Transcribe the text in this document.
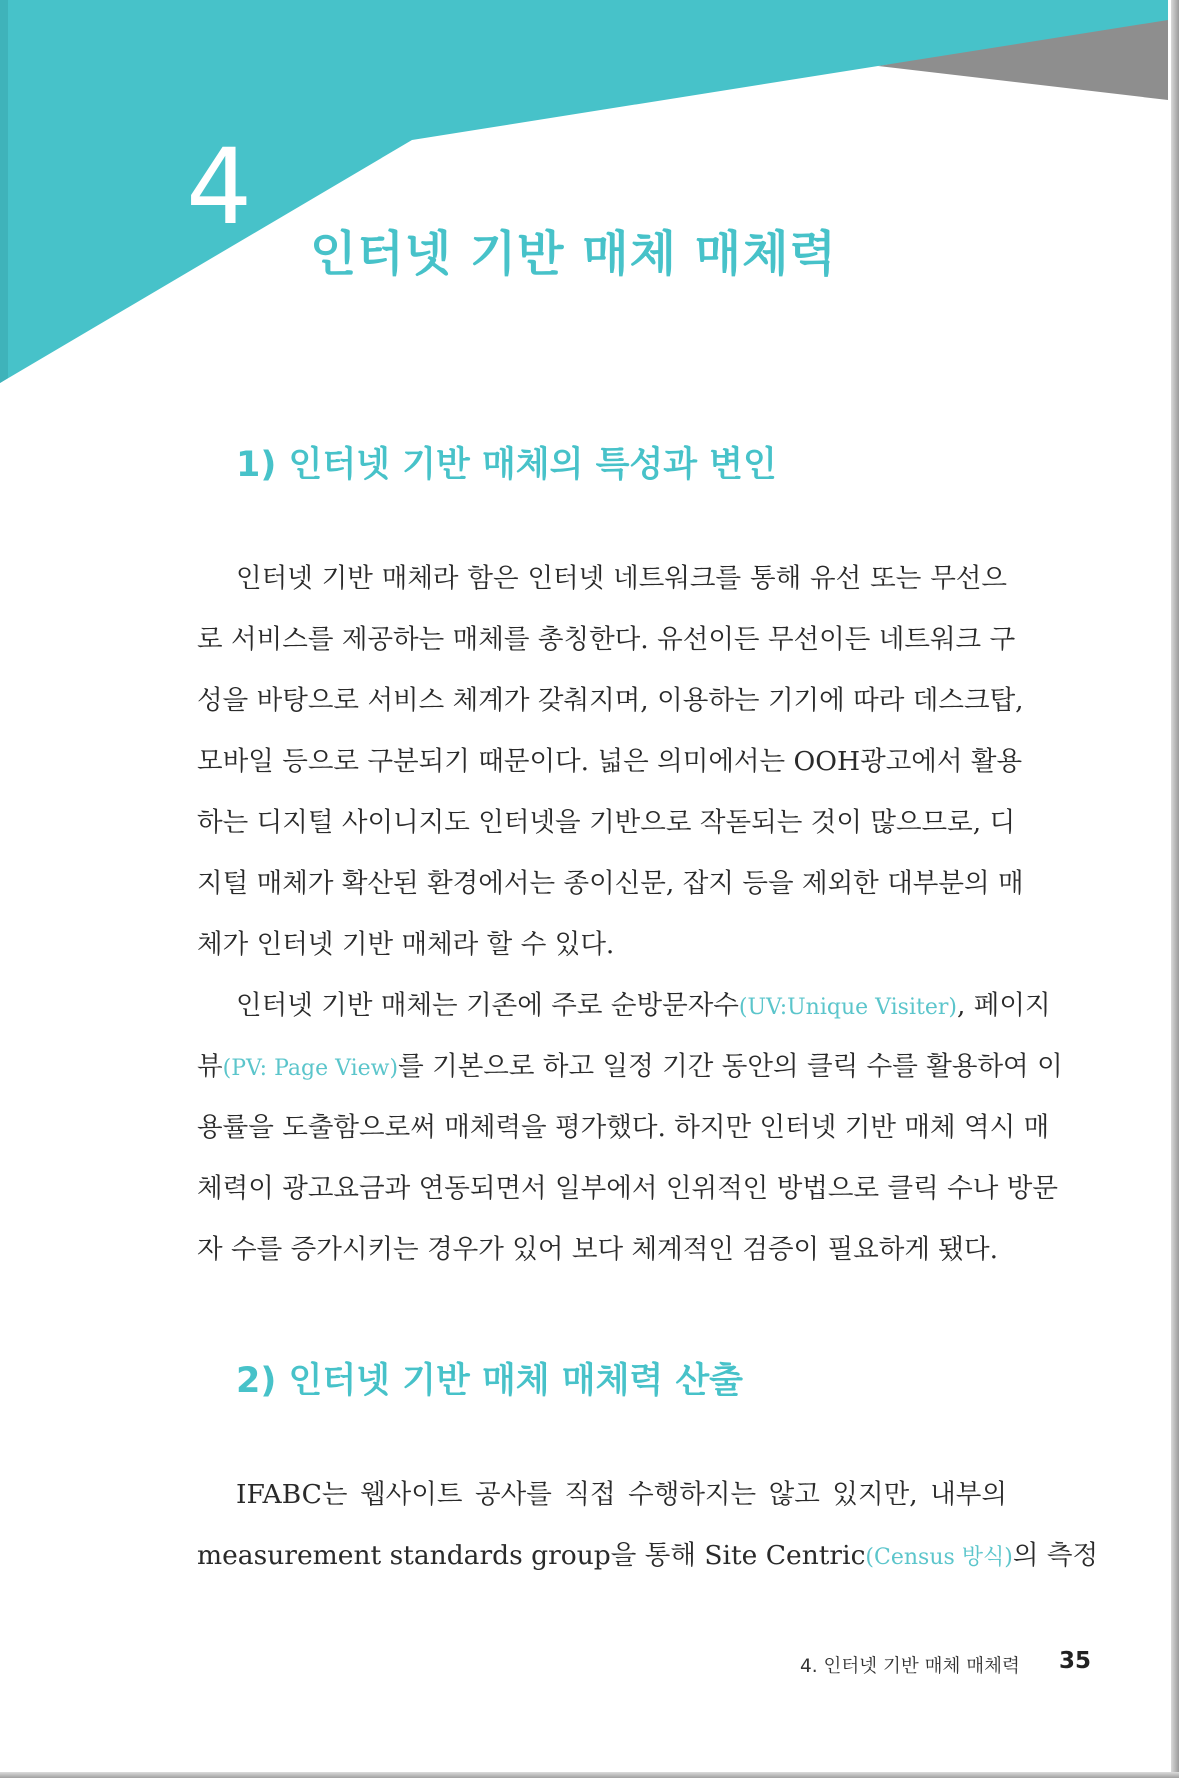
4
인터넷 기반 매체 매체력
1) 인터넷 기반 매체의 특성과 변인
인터넷 기반 매체라 함은 인터넷 네트워크를 통해 유선 또는 무선으
로 서비스를 제공하는 매체를 총칭한다. 유선이든 무선이든 네트워크 구
성을 바탕으로 서비스 체계가 갖춰지며, 이용하는 기기에 따라 데스크탑,
모바일 등으로 구분되기 때문이다. 넓은 의미에서는 OOH광고에서 활용
하는 디지털 사이니지도 인터넷을 기반으로 작돋되는 것이 많으므로, 디
지털 매체가 확산된 환경에서는 종이신문, 잡지 등을 제외한 대부분의 매
체가 인터넷 기반 매체라 할 수 있다.
인터넷 기반 매체는 기존에 주로 순방문자수(UV:Unique Visiter), 페이지
뷰(PV: Page View)를 기본으로 하고 일정 기간 동안의 클릭 수를 활용하여 이
용률을 도출함으로써 매체력을 평가했다. 하지만 인터넷 기반 매체 역시 매
체력이 광고요금과 연동되면서 일부에서 인위적인 방법으로 클릭 수나 방문
자 수를 증가시키는 경우가 있어 보다 체계적인 검증이 필요하게 됐다.
2) 인터넷 기반 매체 매체력 산출
IFABC는 웹사이트 공사를 직접 수행하지는 않고 있지만, 내부의
measurement standards group을 통해 Site Centric(Census 방식)의 측정
4. 인터넷 기반 매체 매체력 35
